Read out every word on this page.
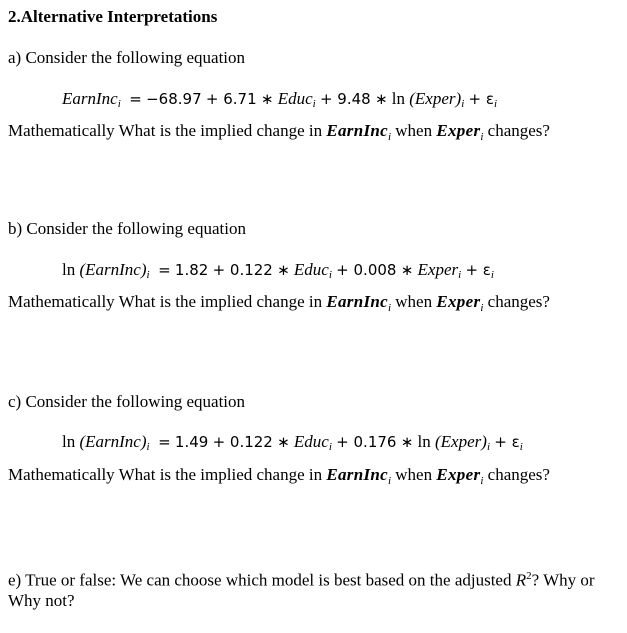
2.Alternative Interpretations
a) Consider the following equation
EarnInc$_i$ = −68.97 + 6.71 ∗ Educ$_i$ + 9.48 ∗ $\ln (Exper)_i + \varepsilon_i$
Mathematically What is the implied change in EarnInc$_i$ when Exper$_i$ changes?
b) Consider the following equation
$\ln (EarnInc)_i = 1.82 + 0.122$ ∗ Educ$_i$ + 0.008 ∗ Exper$_i$ + $\varepsilon_i$
Mathematically What is the implied change in EarnInc$_i$ when Exper$_i$ changes?
c) Consider the following equation
$\ln (EarnInc)_i = 1.49 + 0.122$ ∗ Educ$_i$ + 0.176 ∗ $\ln (Exper)_i + \varepsilon_i$
Mathematically What is the implied change in EarnInc$_i$ when Exper$_i$ changes?
e) True or false: We can choose which model is best based on the adjusted $R^2$? Why or Why not?
